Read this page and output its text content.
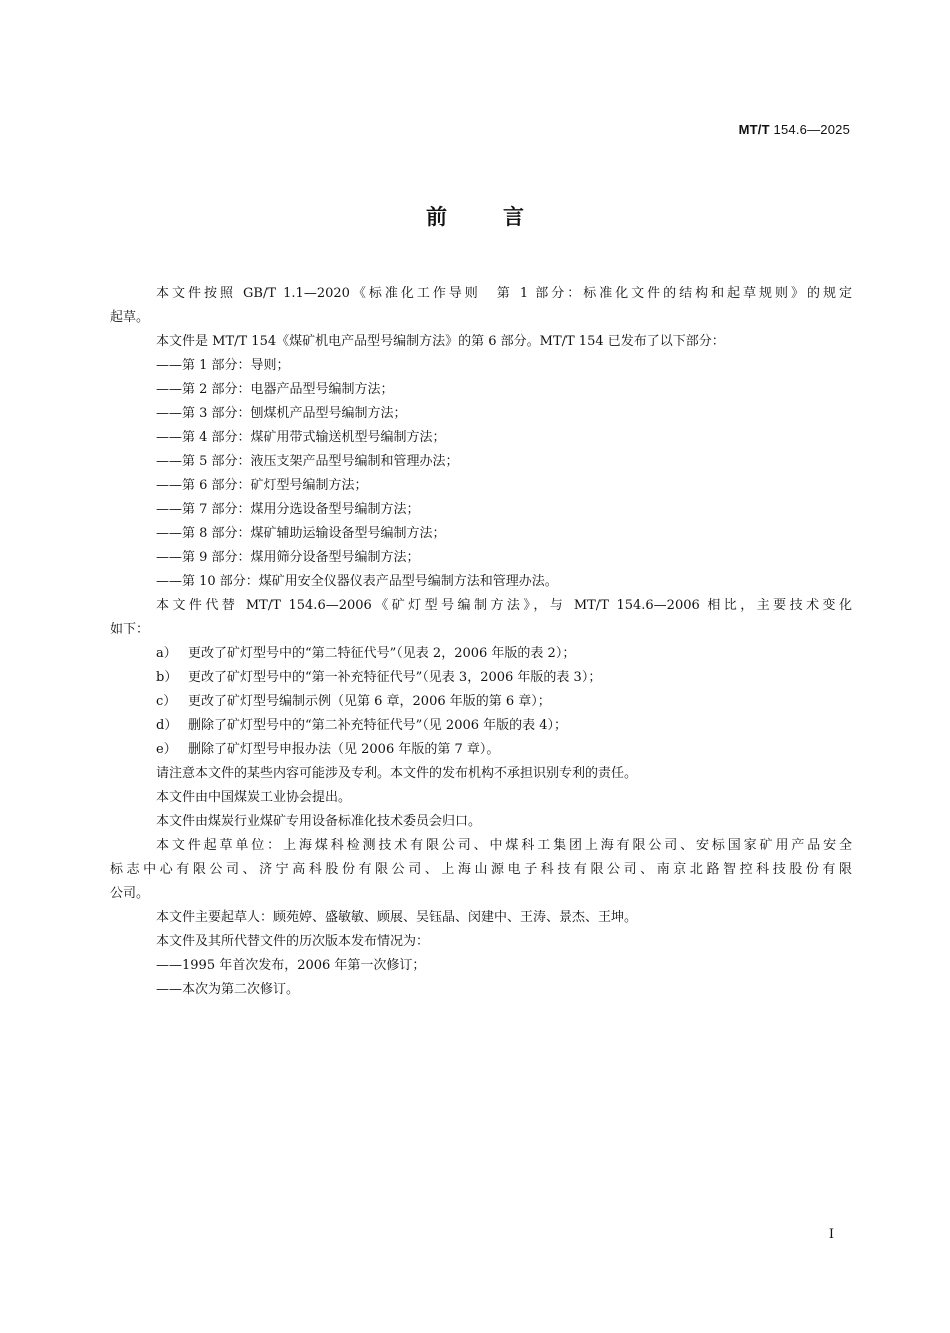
MT/T 154.6—2025
前言
本文件按照 GB/T 1.1—2020《标准化工作导则　第 1 部分：标准化文件的结构和起草规则》的规定
起草。
本文件是 MT/T 154《煤矿机电产品型号编制方法》的第 6 部分。MT/T 154 已发布了以下部分：
——第 1 部分：导则；
——第 2 部分：电器产品型号编制方法；
——第 3 部分：刨煤机产品型号编制方法；
——第 4 部分：煤矿用带式输送机型号编制方法；
——第 5 部分：液压支架产品型号编制和管理办法；
——第 6 部分：矿灯型号编制方法；
——第 7 部分：煤用分选设备型号编制方法；
——第 8 部分：煤矿辅助运输设备型号编制方法；
——第 9 部分：煤用筛分设备型号编制方法；
——第 10 部分：煤矿用安全仪器仪表产品型号编制方法和管理办法。
本文件代替 MT/T 154.6—2006《矿灯型号编制方法》，与 MT/T 154.6—2006 相比，主要技术变化
如下：
a） 更改了矿灯型号中的“第二特征代号”（见表 2，2006 年版的表 2）；
b） 更改了矿灯型号中的“第一补充特征代号”（见表 3，2006 年版的表 3）；
c） 更改了矿灯型号编制示例（见第 6 章，2006 年版的第 6 章）；
d） 删除了矿灯型号中的“第二补充特征代号”（见 2006 年版的表 4）；
e） 删除了矿灯型号申报办法（见 2006 年版的第 7 章）。
请注意本文件的某些内容可能涉及专利。本文件的发布机构不承担识别专利的责任。
本文件由中国煤炭工业协会提出。
本文件由煤炭行业煤矿专用设备标准化技术委员会归口。
本文件起草单位：上海煤科检测技术有限公司、中煤科工集团上海有限公司、安标国家矿用产品安全
标志中心有限公司、济宁高科股份有限公司、上海山源电子科技有限公司、南京北路智控科技股份有限
公司。
本文件主要起草人：顾苑婷、盛敏敏、顾展、吴钰晶、闵建中、王涛、景杰、王坤。
本文件及其所代替文件的历次版本发布情况为：
——1995 年首次发布，2006 年第一次修订；
——本次为第二次修订。
I
